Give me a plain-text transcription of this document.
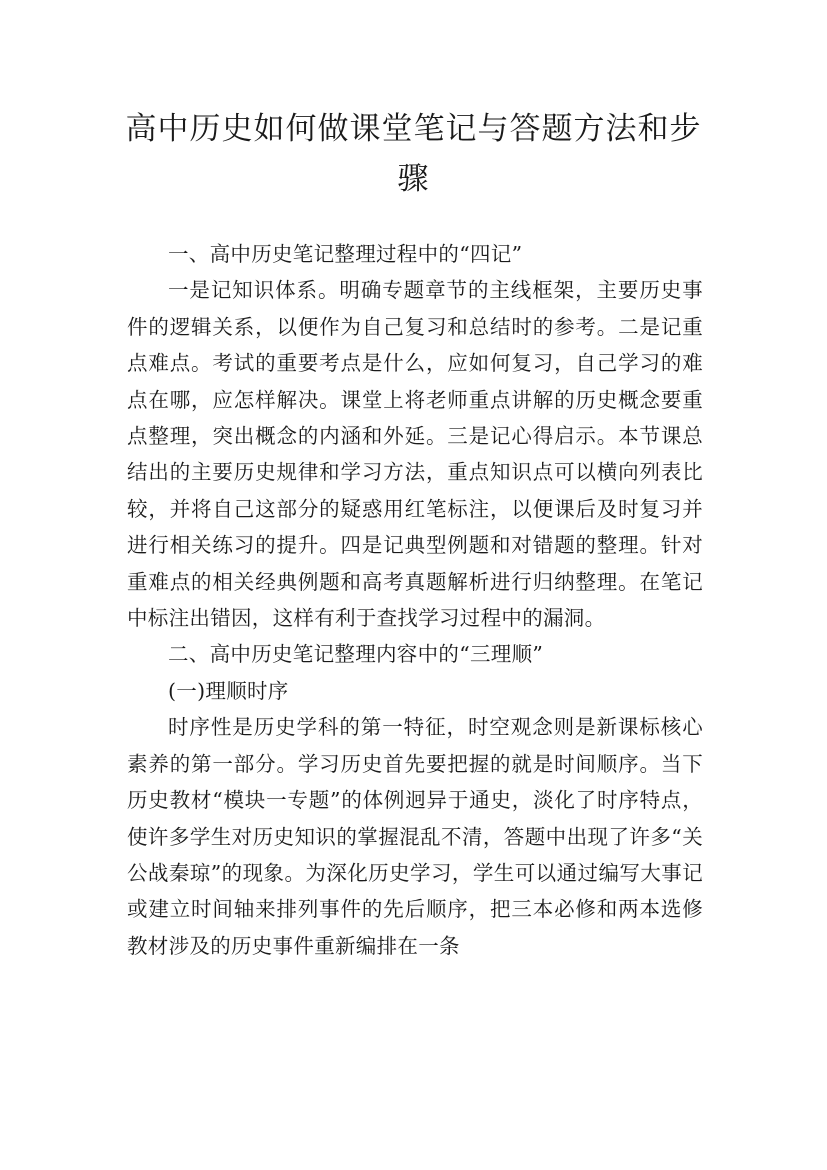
高中历史如何做课堂笔记与答题方法和步骤

一、高中历史笔记整理过程中的“四记”

一是记知识体系。明确专题章节的主线框架，主要历史事件的逻辑关系，以便作为自己复习和总结时的参考。二是记重点难点。考试的重要考点是什么，应如何复习，自己学习的难点在哪，应怎样解决。课堂上将老师重点讲解的历史概念要重点整理，突出概念的内涵和外延。三是记心得启示。本节课总结出的主要历史规律和学习方法，重点知识点可以横向列表比较，并将自己这部分的疑惑用红笔标注，以便课后及时复习并进行相关练习的提升。四是记典型例题和对错题的整理。针对重难点的相关经典例题和高考真题解析进行归纳整理。在笔记中标注出错因，这样有利于查找学习过程中的漏洞。

二、高中历史笔记整理内容中的“三理顺”

(一)理顺时序

时序性是历史学科的第一特征，时空观念则是新课标核心素养的第一部分。学习历史首先要把握的就是时间顺序。当下历史教材“模块一专题”的体例迥异于通史，淡化了时序特点，使许多学生对历史知识的掌握混乱不清，答题中出现了许多“关公战秦琼”的现象。为深化历史学习，学生可以通过编写大事记或建立时间轴来排列事件的先后顺序，把三本必修和两本选修教材涉及的历史事件重新编排在一条
